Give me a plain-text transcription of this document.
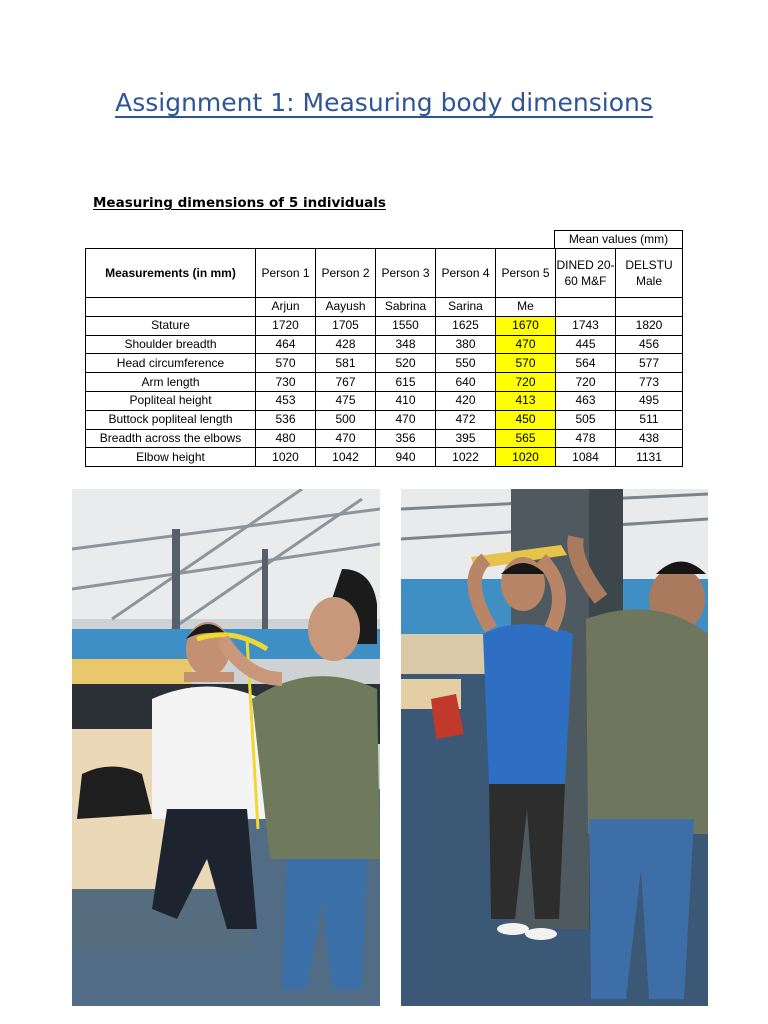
Assignment 1: Measuring body dimensions
Measuring dimensions of 5 individuals
Mean values (mm)
Measurements (in mm)	Person 1	Person 2	Person 3	Person 4	Person 5	DINED 20-60 M&F	DELSTU Male
	Arjun	Aayush	Sabrina	Sarina	Me		
Stature	1720	1705	1550	1625	1670	1743	1820
Shoulder breadth	464	428	348	380	470	445	456
Head circumference	570	581	520	550	570	564	577
Arm length	730	767	615	640	720	720	773
Popliteal height	453	475	410	420	413	463	495
Buttock popliteal length	536	500	470	472	450	505	511
Breadth across the elbows	480	470	356	395	565	478	438
Elbow height	1020	1042	940	1022	1020	1084	1131
